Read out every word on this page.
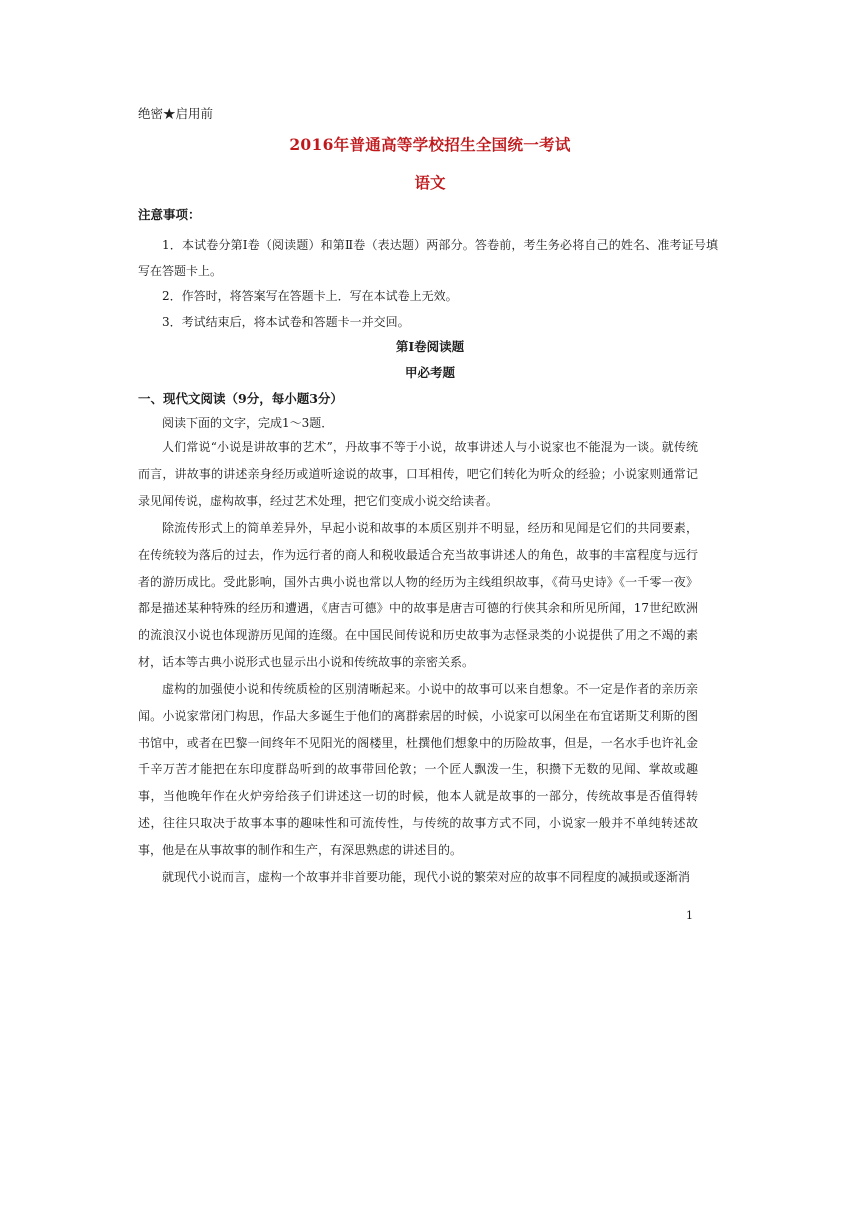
绝密★启用前
2016年普通高等学校招生全国统一考试
语文
注意事项：

1．本试卷分第Ⅰ卷（阅读题）和第Ⅱ卷（表达题）两部分。答卷前，考生务必将自己的姓名、准考证号填写在答题卡上。

2．作答时，将答案写在答题卡上．写在本试卷上无效。
3．考试结束后，将本试卷和答题卡一并交回。
第Ⅰ卷阅读题
甲必考题
一、现代文阅读（9分，每小题3分）
阅读下面的文字，完成1～3题．

人们常说“小说是讲故事的艺术”，丹故事不等于小说，故事讲述人与小说家也不能混为一谈。就传统而言，讲故事的讲述亲身经历或道听途说的故事，口耳相传，吧它们转化为听众的经验；小说家则通常记录见闻传说，虚构故事，经过艺术处理，把它们变成小说交给读者。

除流传形式上的简单差异外，早起小说和故事的本质区别并不明显，经历和见闻是它们的共同要素，在传统较为落后的过去，作为远行者的商人和税收最适合充当故事讲述人的角色，故事的丰富程度与远行者的游历成比。受此影响，国外古典小说也常以人物的经历为主线组织故事，《荷马史诗》《一千零一夜》都是描述某种特殊的经历和遭遇，《唐吉可德》中的故事是唐吉可德的行侠其余和所见所闻，17世纪欧洲的流浪汉小说也体现游历见闻的连缀。在中国民间传说和历史故事为志怪录类的小说提供了用之不竭的素材，话本等古典小说形式也显示出小说和传统故事的亲密关系。

虚构的加强使小说和传统质检的区别清晰起来。小说中的故事可以来自想象。不一定是作者的亲历亲闻。小说家常闭门构思，作品大多诞生于他们的离群索居的时候，小说家可以闲坐在布宜诺斯艾利斯的图书馆中，或者在巴黎一间终年不见阳光的阁楼里，杜撰他们想象中的历险故事，但是，一名水手也许礼金千辛万苦才能把在东印度群岛听到的故事带回伦敦；一个匠人飘泼一生，积攒下无数的见闻、掌故或趣事，当他晚年作在火炉旁给孩子们讲述这一切的时候，他本人就是故事的一部分，传统故事是否值得转述，往往只取决于故事本事的趣味性和可流传性，与传统的故事方式不同，小说家一般并不单纯转述故事，他是在从事故事的制作和生产，有深思熟虑的讲述目的。

就现代小说而言，虚构一个故事并非首要功能，现代小说的繁荣对应的故事不同程度的减损或逐渐消

1
